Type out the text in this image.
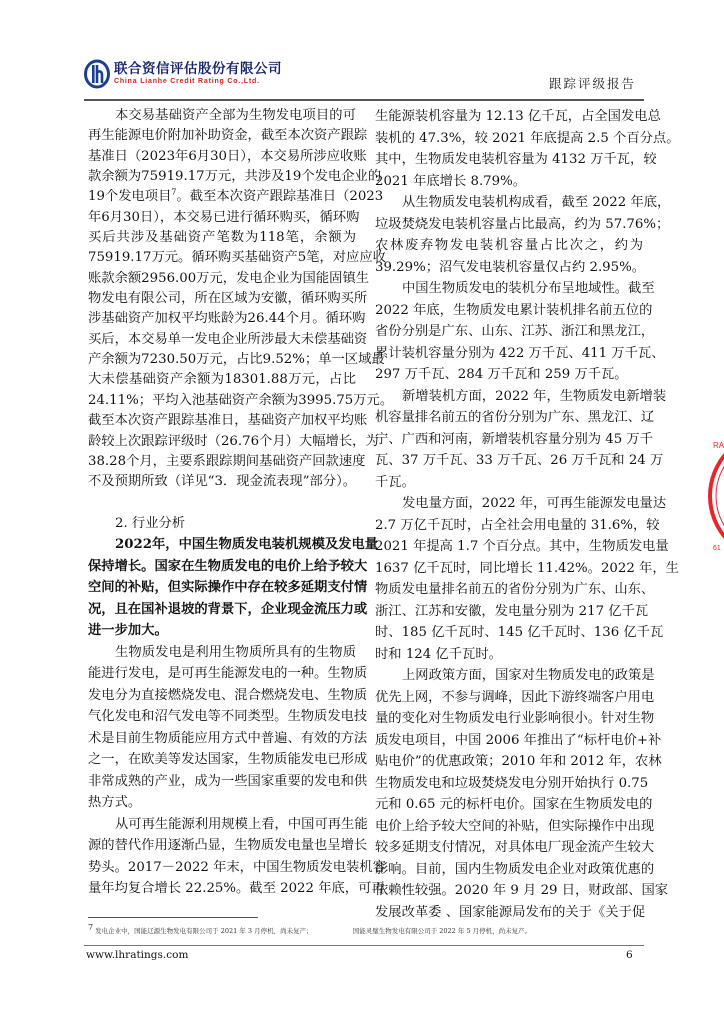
联合资信评估股份有限公司
China Lianhe Credit Rating Co.,Ltd.	跟踪评级报告
本交易基础资产全部为生物发电项目的可
再生能源电价附加补助资金，截至本次资产跟踪
基准日（2023年6月30日），本交易所涉应收账
款余额为75919.17万元，共涉及19个发电企业的
19个发电项目$^7$。截至本次资产跟踪基准日（2023
年6月30日），本交易已进行循环购买，循环购
买后共涉及基础资产笔数为118笔，余额为
75919.17万元。循环购买基础资产5笔，对应应收
账款余额2956.00万元，发电企业为国能固镇生
物发电有限公司，所在区域为安徽，循环购买所
涉基础资产加权平均账龄为26.44个月。循环购
买后，本交易单一发电企业所涉最大未偿基础资
产余额为7230.50万元，占比9.52%；单一区域最
大未偿基础资产余额为18301.88万元，占比
24.11%；平均入池基础资产余额为3995.75万元。
截至本次资产跟踪基准日，基础资产加权平均账
龄较上次跟踪评级时（26.76个月）大幅增长，为
38.28个月，主要系跟踪期间基础资产回款速度
不及预期所致（详见“3．现金流表现”部分）。
2. 行业分析
2022年，中国生物质发电装机规模及发电量
保持增长。国家在生物质发电的电价上给予较大
空间的补贴，但实际操作中存在较多延期支付情
况，且在国补退坡的背景下，企业现金流压力或
进一步加大。
生物质发电是利用生物质所具有的生物质
能进行发电，是可再生能源发电的一种。生物质
发电分为直接燃烧发电、混合燃烧发电、生物质
气化发电和沼气发电等不同类型。生物质发电技
术是目前生物质能应用方式中普遍、有效的方法
之一，在欧美等发达国家，生物质能发电已形成
非常成熟的产业，成为一些国家重要的发电和供
热方式。
从可再生能源利用规模上看，中国可再生能
源的替代作用逐渐凸显，生物质发电量也呈增长
势头。2017－2022 年末，中国生物质发电装机容
量年均复合增长 22.25%。截至 2022 年底，可再
生能源装机容量为 12.13 亿千瓦，占全国发电总
装机的 47.3%，较 2021 年底提高 2.5 个百分点。
其中，生物质发电装机容量为 4132 万千瓦，较
2021 年底增长 8.79%。
从生物质发电装机构成看，截至 2022 年底，
垃圾焚烧发电装机容量占比最高，约为 57.76%；
农林废弃物发电装机容量占比次之，约为
39.29%；沼气发电装机容量仅占约 2.95%。
中国生物质发电的装机分布呈地域性。截至
2022 年底，生物质发电累计装机排名前五位的
省份分别是广东、山东、江苏、浙江和黑龙江，
累计装机容量分别为 422 万千瓦、411 万千瓦、
297 万千瓦、284 万千瓦和 259 万千瓦。
新增装机方面，2022 年，生物质发电新增装
机容量排名前五的省份分别为广东、黑龙江、辽
宁、广西和河南，新增装机容量分别为 45 万千
瓦、37 万千瓦、33 万千瓦、26 万千瓦和 24 万
千瓦。
发电量方面，2022 年，可再生能源发电量达
2.7 万亿千瓦时，占全社会用电量的 31.6%，较
2021 年提高 1.7 个百分点。其中，生物质发电量
1637 亿千瓦时，同比增长 11.42%。2022 年，生
物质发电量排名前五的省份分别为广东、山东、
浙江、江苏和安徽，发电量分别为 217 亿千瓦
时、185 亿千瓦时、145 亿千瓦时、136 亿千瓦
时和 124 亿千瓦时。
上网政策方面，国家对生物质发电的政策是
优先上网，不参与调峰，因此下游终端客户用电
量的变化对生物质发电行业影响很小。针对生物
质发电项目，中国 2006 年推出了“标杆电价+补
贴电价”的优惠政策；2010 年和 2012 年，农林
生物质发电和垃圾焚烧发电分别开始执行 0.75
元和 0.65 元的标杆电价。国家在生物质发电的
电价上给予较大空间的补贴，但实际操作中出现
较多延期支付情况，对具体电厂现金流产生较大
影响。目前，国内生物质发电企业对政策优惠的
依赖性较强。2020 年 9 月 29 日，财政部、国家
发展改革委 、国家能源局发布的关于《关于促
$^7$ 发电企业中，国能辽源生物发电有限公司于 2021 年 3 月停机，尚未复产；	国能灵璧生物发电有限公司于 2022 年 5 月停机，尚未复产。
www.lhratings.com	6
RA
61
